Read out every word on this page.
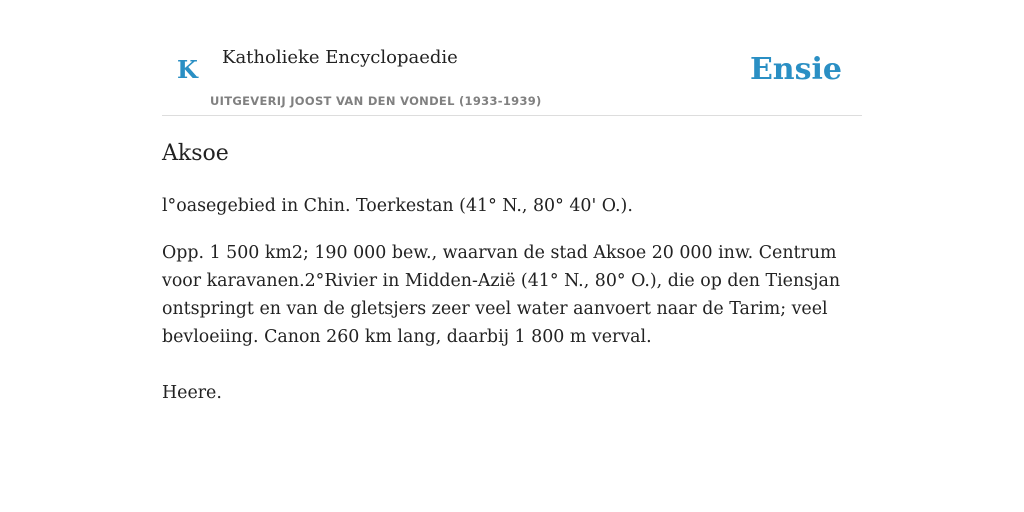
K Katholieke Encyclopaedie
UITGEVERIJ JOOST VAN DEN VONDEL (1933-1939)
Ensie
Aksoe

l°oasegebied in Chin. Toerkestan (41° N., 80° 40' O.).

Opp. 1 500 km2; 190 000 bew., waarvan de stad Aksoe 20 000 inw. Centrum voor karavanen.2°Rivier in Midden-Azië (41° N., 80° O.), die op den Tiensjan ontspringt en van de gletsjers zeer veel water aanvoert naar de Tarim; veel bevloeiing. Canon 260 km lang, daarbij 1 800 m verval.

Heere.
